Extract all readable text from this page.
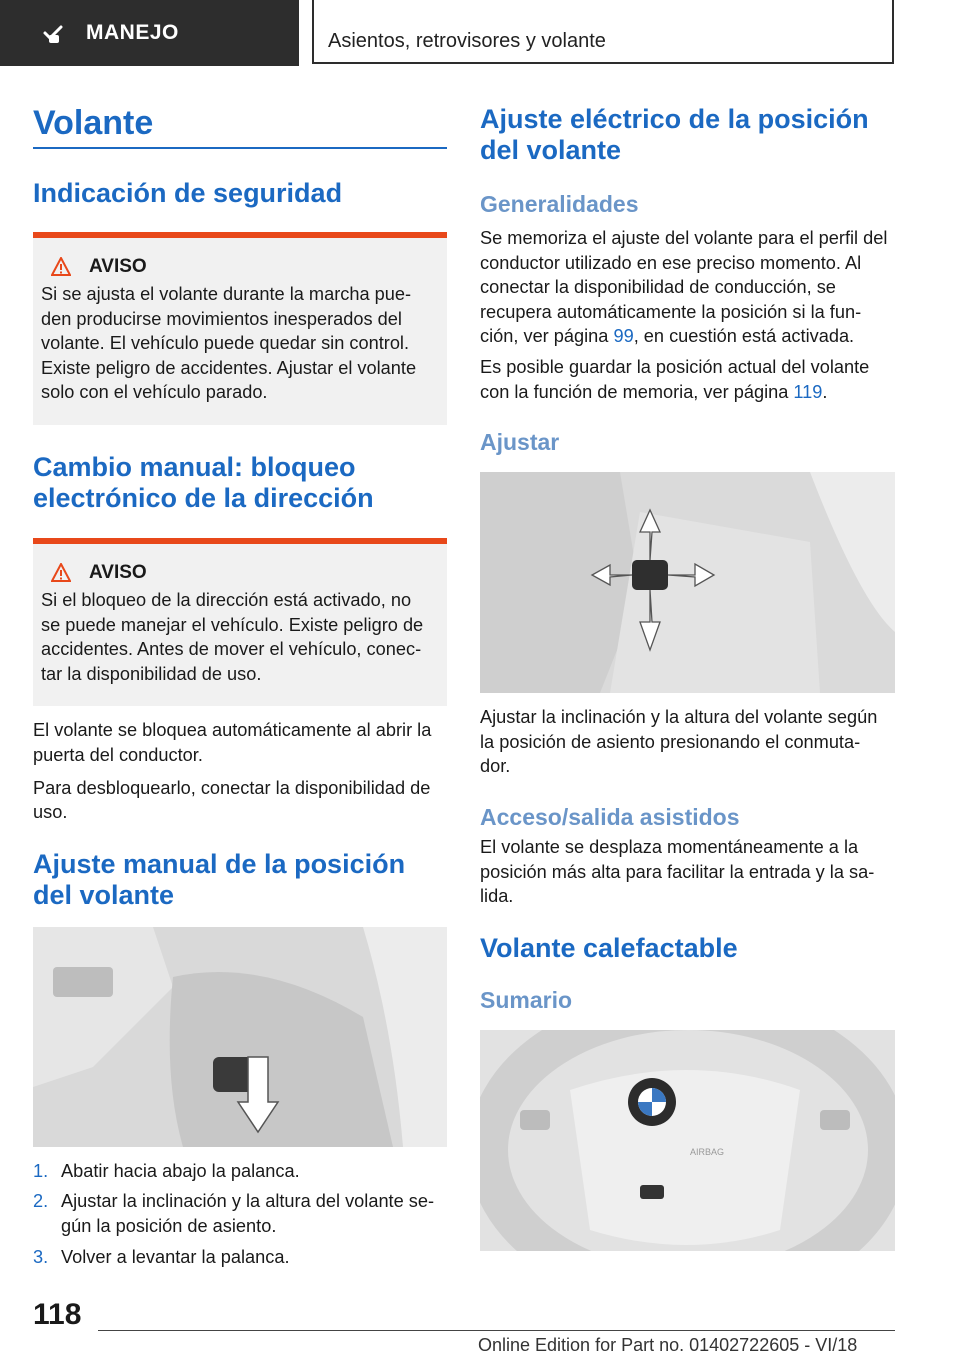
MANEJO	Asientos, retrovisores y volante
Volante
Indicación de seguridad
AVISO

Si se ajusta el volante durante la marcha pue- den producirse movimientos inesperados del volante. El vehículo puede quedar sin control. Existe peligro de accidentes. Ajustar el volante solo con el vehículo parado.

Cambio manual: bloqueo electrónico de la dirección
AVISO

Si el bloqueo de la dirección está activado, no se puede manejar el vehículo. Existe peligro de accidentes. Antes de mover el vehículo, conec- tar la disponibilidad de uso.

El volante se bloquea automáticamente al abrir la puerta del conductor.

Para desbloquearlo, conectar la disponibilidad de uso.

Ajuste manual de la posición del volante
1. Abatir hacia abajo la palanca.
2. Ajustar la inclinación y la altura del volante se- gún la posición de asiento.
3. Volver a levantar la palanca.
Ajuste eléctrico de la posición del volante
Generalidades

Se memoriza el ajuste del volante para el perfil del conductor utilizado en ese preciso momento. Al conectar la disponibilidad de conducción, se recupera automáticamente la posición si la fun- ción, ver página 99, en cuestión está activada.

Es posible guardar la posición actual del volante con la función de memoria, ver página 119.

Ajustar

Ajustar la inclinación y la altura del volante según la posición de asiento presionando el conmuta- dor.

Acceso/salida asistidos

El volante se desplaza momentáneamente a la posición más alta para facilitar la entrada y la sa- lida.

Volante calefactable
Sumario
AIRBAG
118
Online Edition for Part no. 01402722605 - VI/18
